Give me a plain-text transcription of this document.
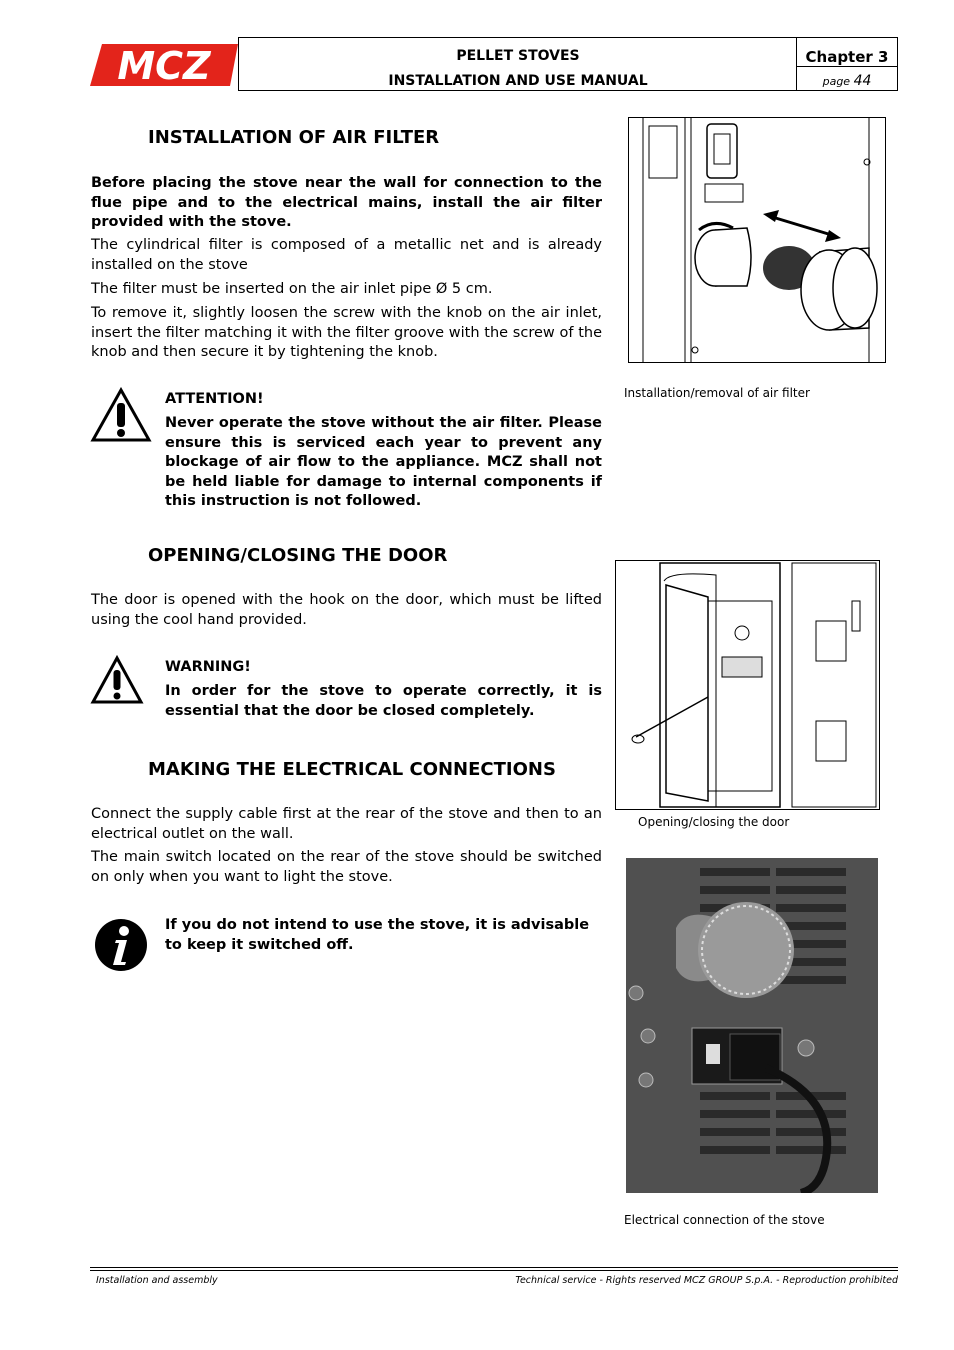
MCZ	PELLET STOVES
INSTALLATION AND USE MANUAL
Chapter 3
page 44
INSTALLATION OF AIR FILTER

Before placing the stove near the wall for connection to the flue pipe and to the electrical mains, install the air filter provided with the stove.

The cylindrical filter is composed of a metallic net and is already installed on the stove

The filter must be inserted on the air inlet pipe Ø 5 cm.

To remove it, slightly loosen the screw with the knob on the air inlet, insert the filter matching it with the filter groove with the screw of the knob and then secure it by tightening the knob.

ATTENTION!

Never operate the stove without the air filter. Please ensure this is serviced each year to prevent any blockage of air flow to the appliance. MCZ shall not be held liable for damage to internal components if this instruction is not followed.

Installation/removal of air filter
OPENING/CLOSING THE DOOR

The door is opened with the hook on the door, which must be lifted using the cool hand provided.

WARNING!

In order for the stove to operate correctly, it is essential that the door be closed completely.

Opening/closing the door
MAKING THE ELECTRICAL CONNECTIONS

Connect the supply cable first at the rear of the stove and then to an electrical outlet on the wall.

The main switch located on the rear of the stove should be switched on only when you want to light the stove.

If you do not intend to use the stove, it is advisable to keep it switched off.

Electrical connection of the stove
Installation and assembly	Technical service - Rights reserved MCZ GROUP S.p.A. - Reproduction prohibited
